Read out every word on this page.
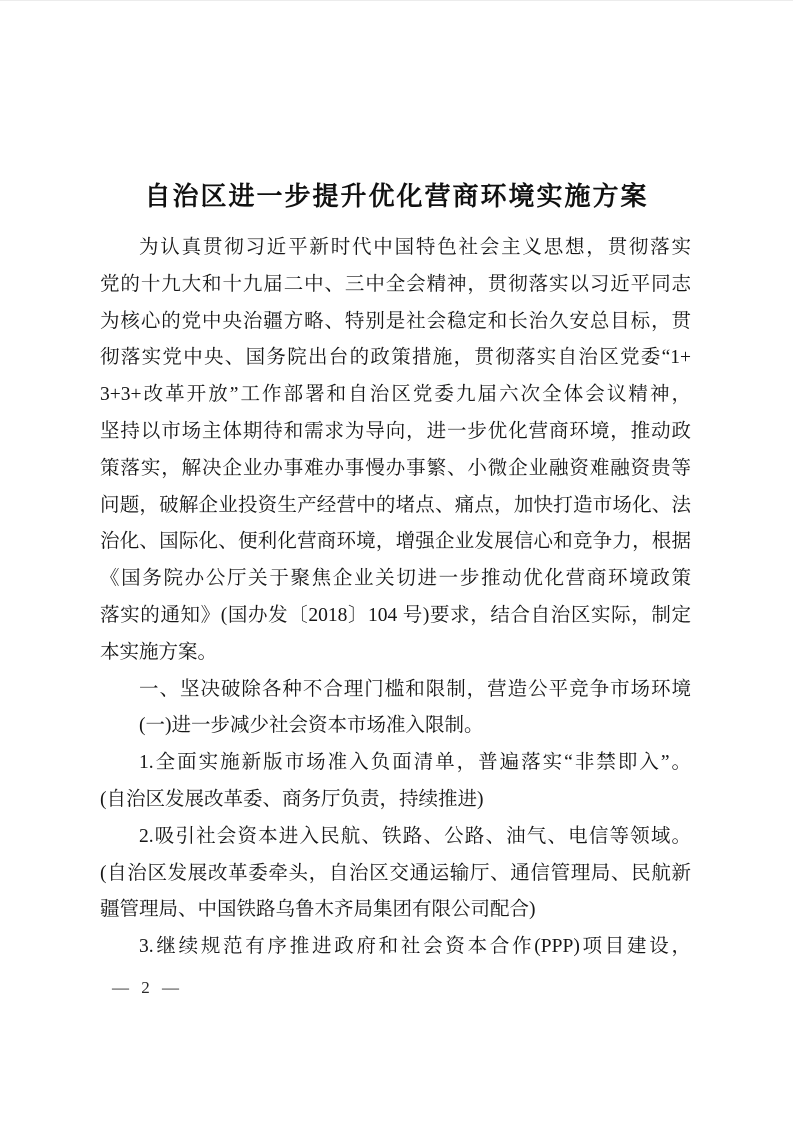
自治区进一步提升优化营商环境实施方案
为认真贯彻习近平新时代中国特色社会主义思想，贯彻落实
党的十九大和十九届二中、三中全会精神，贯彻落实以习近平同志
为核心的党中央治疆方略、特别是社会稳定和长治久安总目标，贯
彻落实党中央、国务院出台的政策措施，贯彻落实自治区党委“1+
3+3+改革开放”工作部署和自治区党委九届六次全体会议精神，
坚持以市场主体期待和需求为导向，进一步优化营商环境，推动政
策落实，解决企业办事难办事慢办事繁、小微企业融资难融资贵等
问题，破解企业投资生产经营中的堵点、痛点，加快打造市场化、法
治化、国际化、便利化营商环境，增强企业发展信心和竞争力，根据
《国务院办公厅关于聚焦企业关切进一步推动优化营商环境政策
落实的通知》(国办发〔2018〕104 号)要求，结合自治区实际，制定
本实施方案。
一、坚决破除各种不合理门槛和限制，营造公平竞争市场环境
(一)进一步减少社会资本市场准入限制。
1.全面实施新版市场准入负面清单，普遍落实“非禁即入”。
(自治区发展改革委、商务厅负责，持续推进)
2.吸引社会资本进入民航、铁路、公路、油气、电信等领域。
(自治区发展改革委牵头，自治区交通运输厅、通信管理局、民航新
疆管理局、中国铁路乌鲁木齐局集团有限公司配合)
3.继续规范有序推进政府和社会资本合作(PPP)项目建设，
— 2 —
